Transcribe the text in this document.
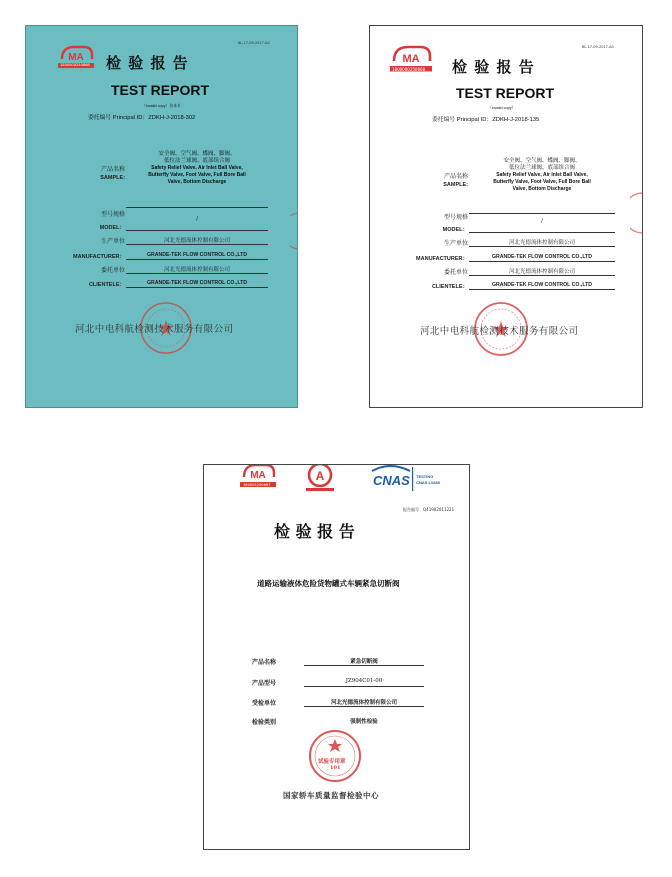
MA
1800000250668
BL-17-09-2017-A0
检 验 报 告
TEST REPORT
（invalid copy）仿本专
委托编号 Principal ID：ZDKH-J-2018-302
产品名称
SAMPLE:
安全阀、空气阀、蝶阀、脚阀、
低位法兰球阀、底部组合阀
Safety Relief Valve, Air Inlet Ball Valve,
Butterfly Valve, Foot Valve, Full Bore Ball
Valve, Bottom Discharge
型号规格
MODEL：
/
生产单位	河北光德流体控制有限公司
MANUFACTURER：	GRANDE-TEK FLOW CONTROL CO.,LTD
委托单位	河北光德流体控制有限公司
CLIENTELE：	GRANDE-TEK FLOW CONTROL CO.,LTD
河北中电科航检测技术服务有限公司
MA
1800000250668
BL-17-09-2017-A0
检 验 报 告
TEST REPORT
（invalid copy）
委托编号 Principal ID：ZDKH-J-2018-135
产品名称
SAMPLE:
安全阀、空气阀、蝶阀、脚阀、
低位法兰球阀、底部组合阀
Safety Relief Valve, Air Inlet Ball Valve,
Butterfly Valve, Foot Valve, Full Bore Ball
Valve, Bottom Discharge
型号规格
MODEL：
/
生产单位	河北光德流体控制有限公司
MANUFACTURER：	GRANDE-TEK FLOW CONTROL CO.,LTD
委托单位	河北光德流体控制有限公司
CLIENTELE：	GRANDE-TEK FLOW CONTROL CO.,LTD
河北中电科航检测技术服务有限公司
MA
180005250667
A	CNAS TESTING
CNAS L1688
报告编号：Q41902011221
检 验 报 告
道路运输液体危险货物罐式车辆紧急切断阀
产品名称	紧急切断阀
产品型号	JZ904C01-00
受检单位	河北光德流体控制有限公司
检验类别	强制性检验
试验专用章
101
国家轿车质量监督检验中心
